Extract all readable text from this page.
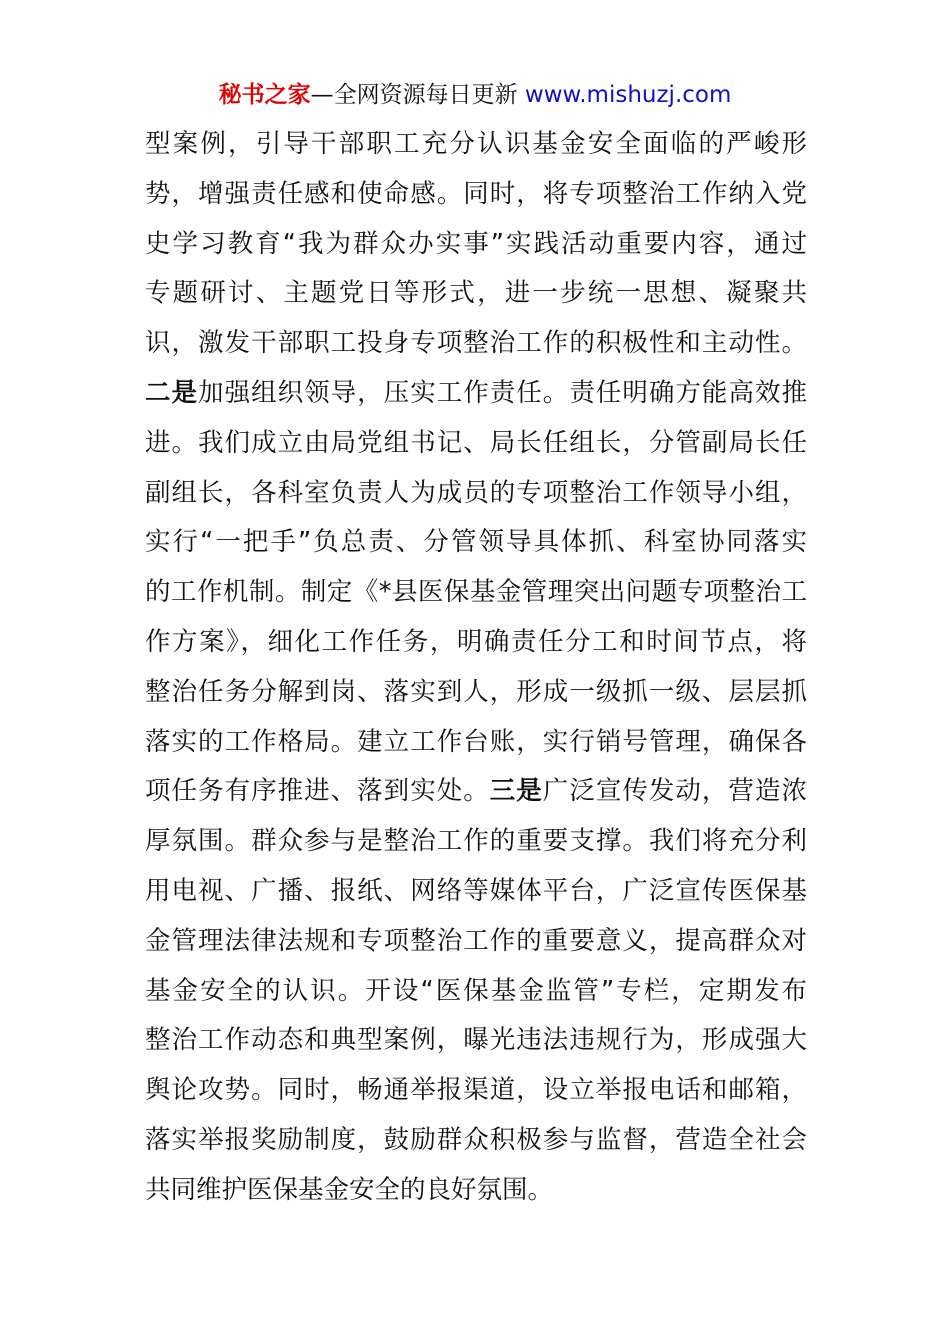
秘书之家—全网资源每日更新 www.mishuzj.com
型案例，引导干部职工充分认识基金安全面临的严峻形
势，增强责任感和使命感。同时，将专项整治工作纳入党
史学习教育“我为群众办实事”实践活动重要内容，通过
专题研讨、主题党日等形式，进一步统一思想、凝聚共
识，激发干部职工投身专项整治工作的积极性和主动性。
二是加强组织领导，压实工作责任。责任明确方能高效推
进。我们成立由局党组书记、局长任组长，分管副局长任
副组长，各科室负责人为成员的专项整治工作领导小组，
实行“一把手”负总责、分管领导具体抓、科室协同落实
的工作机制。制定《*县医保基金管理突出问题专项整治工
作方案》，细化工作任务，明确责任分工和时间节点，将
整治任务分解到岗、落实到人，形成一级抓一级、层层抓
落实的工作格局。建立工作台账，实行销号管理，确保各
项任务有序推进、落到实处。三是广泛宣传发动，营造浓
厚氛围。群众参与是整治工作的重要支撑。我们将充分利
用电视、广播、报纸、网络等媒体平台，广泛宣传医保基
金管理法律法规和专项整治工作的重要意义，提高群众对
基金安全的认识。开设“医保基金监管”专栏，定期发布
整治工作动态和典型案例，曝光违法违规行为，形成强大
舆论攻势。同时，畅通举报渠道，设立举报电话和邮箱，
落实举报奖励制度，鼓励群众积极参与监督，营造全社会
共同维护医保基金安全的良好氛围。
